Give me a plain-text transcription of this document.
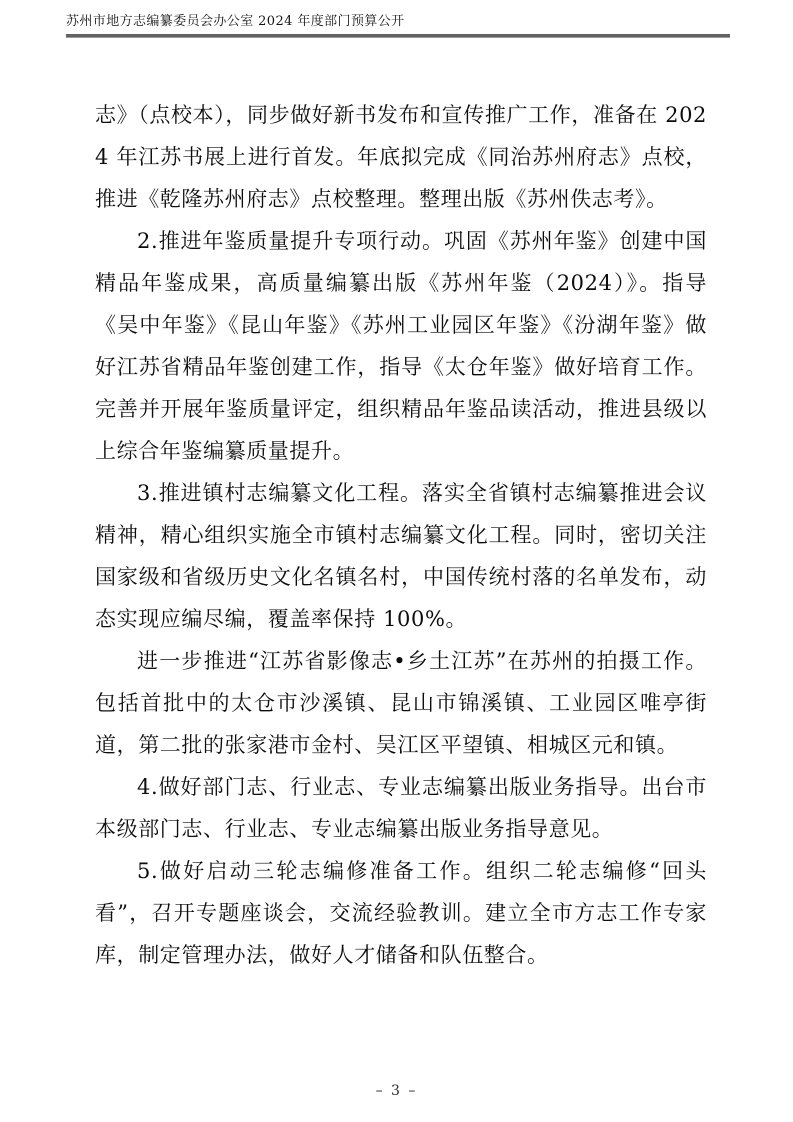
苏州市地方志编纂委员会办公室 2024 年度部门预算公开

志》（点校本），同步做好新书发布和宣传推广工作，准备在 2024 年江苏书展上进行首发。年底拟完成《同治苏州府志》点校，推进《乾隆苏州府志》点校整理。整理出版《苏州佚志考》。

2.推进年鉴质量提升专项行动。巩固《苏州年鉴》创建中国精品年鉴成果，高质量编纂出版《苏州年鉴（2024）》。指导《吴中年鉴》《昆山年鉴》《苏州工业园区年鉴》《汾湖年鉴》做好江苏省精品年鉴创建工作，指导《太仓年鉴》做好培育工作。完善并开展年鉴质量评定，组织精品年鉴品读活动，推进县级以上综合年鉴编纂质量提升。

3.推进镇村志编纂文化工程。落实全省镇村志编纂推进会议精神，精心组织实施全市镇村志编纂文化工程。同时，密切关注国家级和省级历史文化名镇名村，中国传统村落的名单发布，动态实现应编尽编，覆盖率保持 100%。

进一步推进“江苏省影像志•乡土江苏”在苏州的拍摄工作。包括首批中的太仓市沙溪镇、昆山市锦溪镇、工业园区唯亭街道，第二批的张家港市金村、吴江区平望镇、相城区元和镇。

4.做好部门志、行业志、专业志编纂出版业务指导。出台市本级部门志、行业志、专业志编纂出版业务指导意见。

5.做好启动三轮志编修准备工作。组织二轮志编修“回头看”，召开专题座谈会，交流经验教训。建立全市方志工作专家库，制定管理办法，做好人才储备和队伍整合。

– 3 –
